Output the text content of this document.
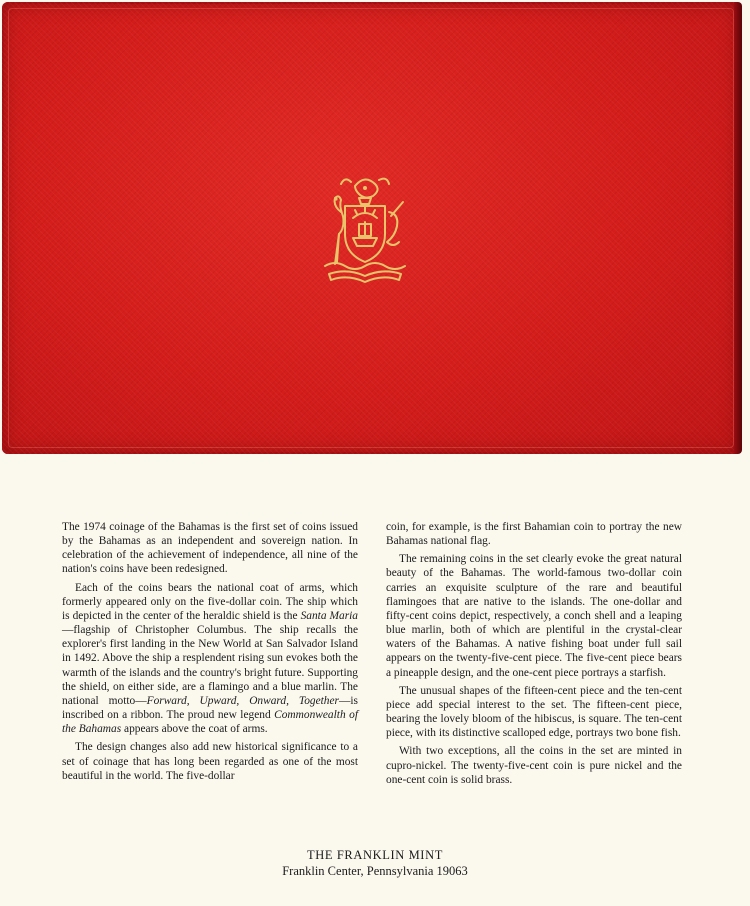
The 1974 coinage of the Bahamas is the first set of coins issued by the Bahamas as an independent and sovereign nation. In celebration of the achievement of independence, all nine of the nation's coins have been redesigned.

Each of the coins bears the national coat of arms, which formerly appeared only on the five-dollar coin. The ship which is depicted in the center of the heraldic shield is the Santa Maria—flagship of Christopher Columbus. The ship recalls the explorer's first landing in the New World at San Salvador Island in 1492. Above the ship a resplendent rising sun evokes both the warmth of the islands and the country's bright future. Supporting the shield, on either side, are a flamingo and a blue marlin. The national motto—Forward, Upward, Onward, Together—is inscribed on a ribbon. The proud new legend Commonwealth of the Bahamas appears above the coat of arms.

The design changes also add new historical significance to a set of coinage that has long been regarded as one of the most beautiful in the world. The five-dollar

coin, for example, is the first Bahamian coin to portray the new Bahamas national flag.

The remaining coins in the set clearly evoke the great natural beauty of the Bahamas. The world-famous two-dollar coin carries an exquisite sculpture of the rare and beautiful flamingoes that are native to the islands. The one-dollar and fifty-cent coins depict, respectively, a conch shell and a leaping blue marlin, both of which are plentiful in the crystal-clear waters of the Bahamas. A native fishing boat under full sail appears on the twenty-five-cent piece. The five-cent piece bears a pineapple design, and the one-cent piece portrays a starfish.

The unusual shapes of the fifteen-cent piece and the ten-cent piece add special interest to the set. The fifteen-cent piece, bearing the lovely bloom of the hibiscus, is square. The ten-cent piece, with its distinctive scalloped edge, portrays two bone fish.

With two exceptions, all the coins in the set are minted in cupro-nickel. The twenty-five-cent coin is pure nickel and the one-cent coin is solid brass.

THE FRANKLIN MINT
Franklin Center, Pennsylvania 19063
